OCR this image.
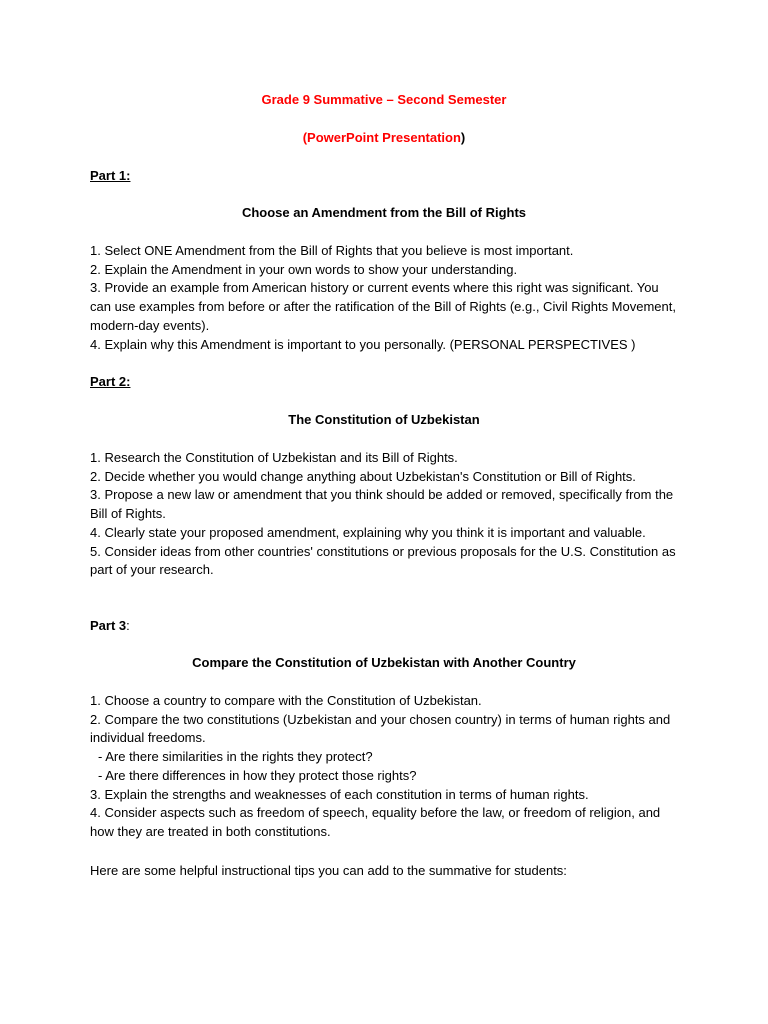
Grade 9 Summative – Second Semester
(PowerPoint Presentation)
Part 1:
Choose an Amendment from the Bill of Rights

1. Select ONE Amendment from the Bill of Rights that you believe is most important.

2. Explain the Amendment in your own words to show your understanding.

3. Provide an example from American history or current events where this right was significant. You can use examples from before or after the ratification of the Bill of Rights (e.g., Civil Rights Movement, modern-day events).

4. Explain why this Amendment is important to you personally. (PERSONAL PERSPECTIVES )

Part 2:
The Constitution of Uzbekistan

1. Research the Constitution of Uzbekistan and its Bill of Rights.

2. Decide whether you would change anything about Uzbekistan's Constitution or Bill of Rights.

3. Propose a new law or amendment that you think should be added or removed, specifically from the Bill of Rights.

4. Clearly state your proposed amendment, explaining why you think it is important and valuable.

5. Consider ideas from other countries' constitutions or previous proposals for the U.S. Constitution as part of your research.

Part 3:
Compare the Constitution of Uzbekistan with Another Country

1. Choose a country to compare with the Constitution of Uzbekistan.

2. Compare the two constitutions (Uzbekistan and your chosen country) in terms of human rights and individual freedoms.

- Are there similarities in the rights they protect?

- Are there differences in how they protect those rights?

3. Explain the strengths and weaknesses of each constitution in terms of human rights.

4. Consider aspects such as freedom of speech, equality before the law, or freedom of religion, and how they are treated in both constitutions.

Here are some helpful instructional tips you can add to the summative for students:
